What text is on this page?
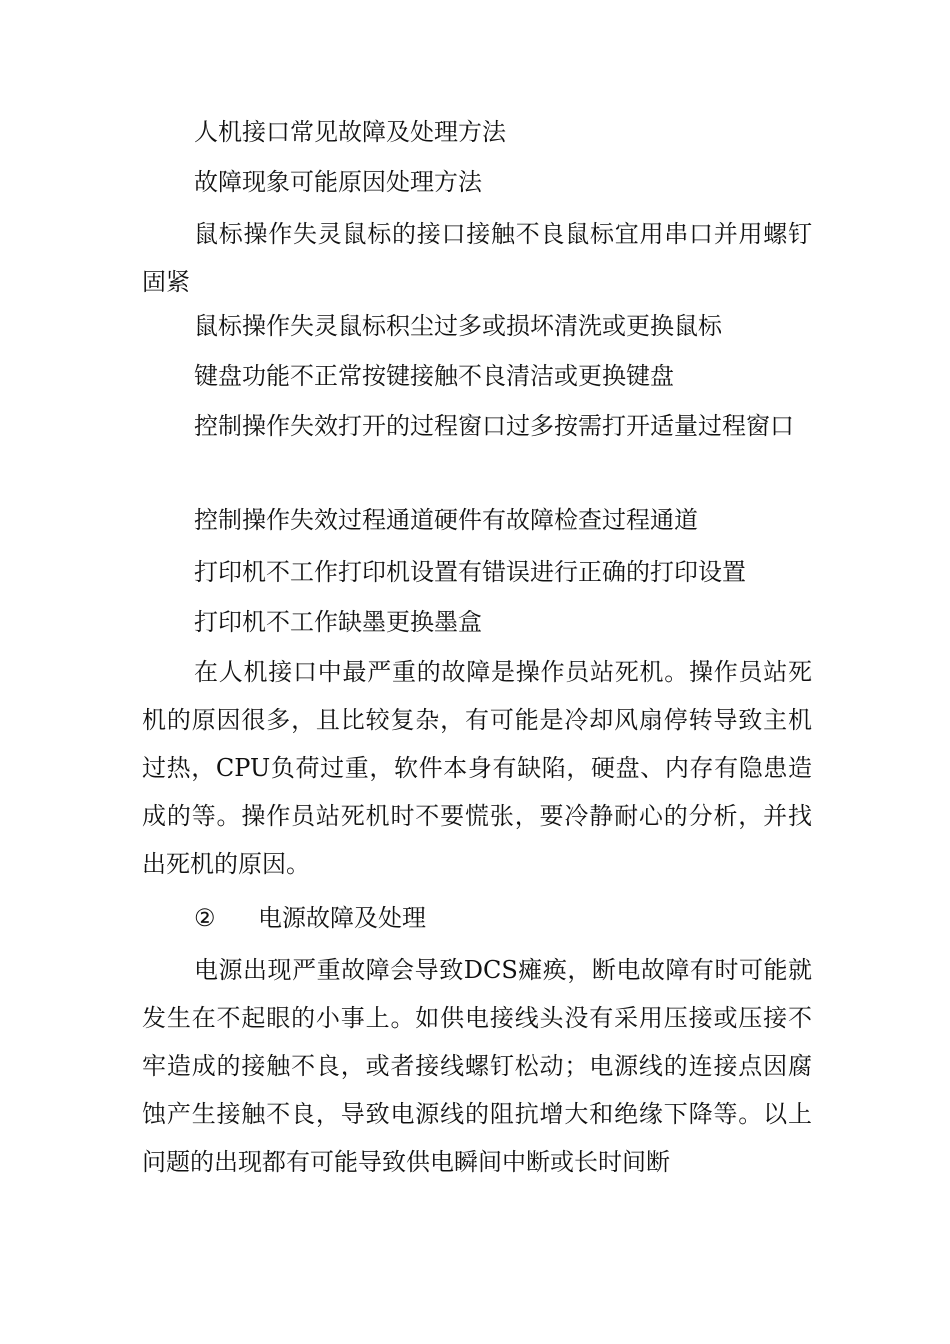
人机接口常见故障及处理方法

故障现象可能原因处理方法

鼠标操作失灵鼠标的接口接触不良鼠标宜用串口并用螺钉固紧

鼠标操作失灵鼠标积尘过多或损坏清洗或更换鼠标

键盘功能不正常按键接触不良清洁或更换键盘

控制操作失效打开的过程窗口过多按需打开适量过程窗口

控制操作失效过程通道硬件有故障检查过程通道

打印机不工作打印机设置有错误进行正确的打印设置

打印机不工作缺墨更换墨盒

在人机接口中最严重的故障是操作员站死机。操作员站死机的原因很多，且比较复杂，有可能是冷却风扇停转导致主机过热，CPU负荷过重，软件本身有缺陷，硬盘、内存有隐患造成的等。操作员站死机时不要慌张，要冷静耐心的分析，并找出死机的原因。

② 电源故障及处理

电源出现严重故障会导致DCS瘫痪，断电故障有时可能就发生在不起眼的小事上。如供电接线头没有采用压接或压接不牢造成的接触不良，或者接线螺钉松动；电源线的连接点因腐蚀产生接触不良，导致电源线的阻抗增大和绝缘下降等。以上问题的出现都有可能导致供电瞬间中断或长时间断
